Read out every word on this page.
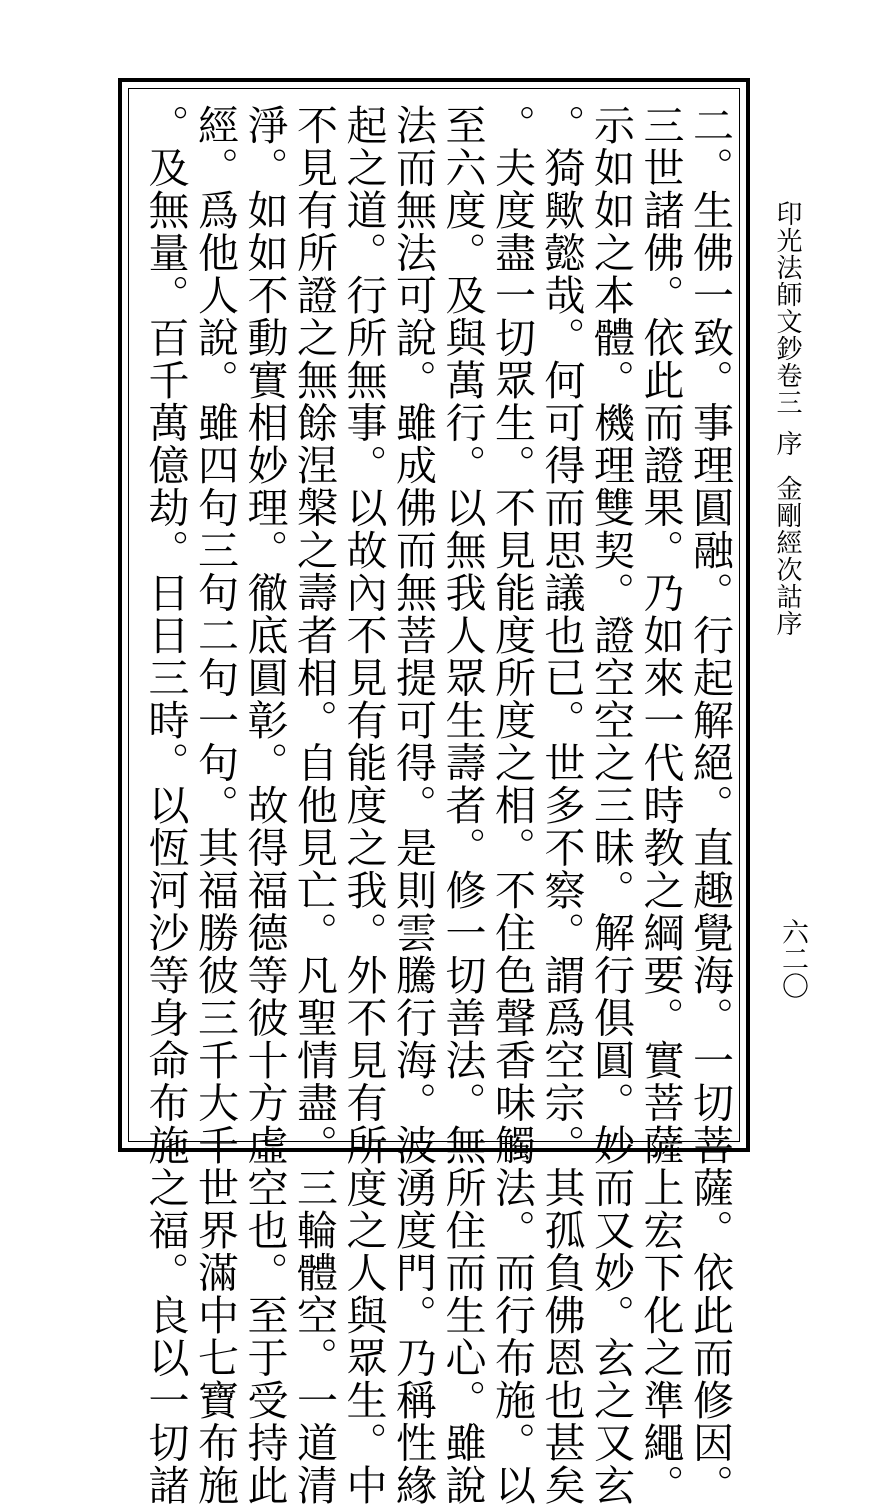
印光法師文鈔卷三序金剛經次詁序
六二〇
二。生佛一致。事理圓融。行起解絕。直趣覺海。一切菩薩。依此而修因。
三世諸佛。依此而證果。乃如來一代時教之綱要。實菩薩上宏下化之準繩。
示如如之本體。機理雙契。證空空之三昧。解行俱圓。妙而又妙。玄之又玄
。猗歟懿哉。何可得而思議也已。世多不察。謂爲空宗。其孤負佛恩也甚矣
。夫度盡一切眾生。不見能度所度之相。不住色聲香味觸法。而行布施。以
至六度。及與萬行。以無我人眾生壽者。修一切善法。無所住而生心。雖說
法而無法可說。雖成佛而無菩提可得。是則雲騰行海。波湧度門。乃稱性緣
起之道。行所無事。以故內不見有能度之我。外不見有所度之人與眾生。中
不見有所證之無餘涅槃之壽者相。自他見亡。凡聖情盡。三輪體空。一道清
淨。如如不動實相妙理。徹底圓彰。故得福德等彼十方虛空也。至于受持此
經。爲他人說。雖四句三句二句一句。其福勝彼三千大千世界滿中七寶布施
。及無量。百千萬億劫。日日三時。以恆河沙等身命布施之福。良以一切諸
